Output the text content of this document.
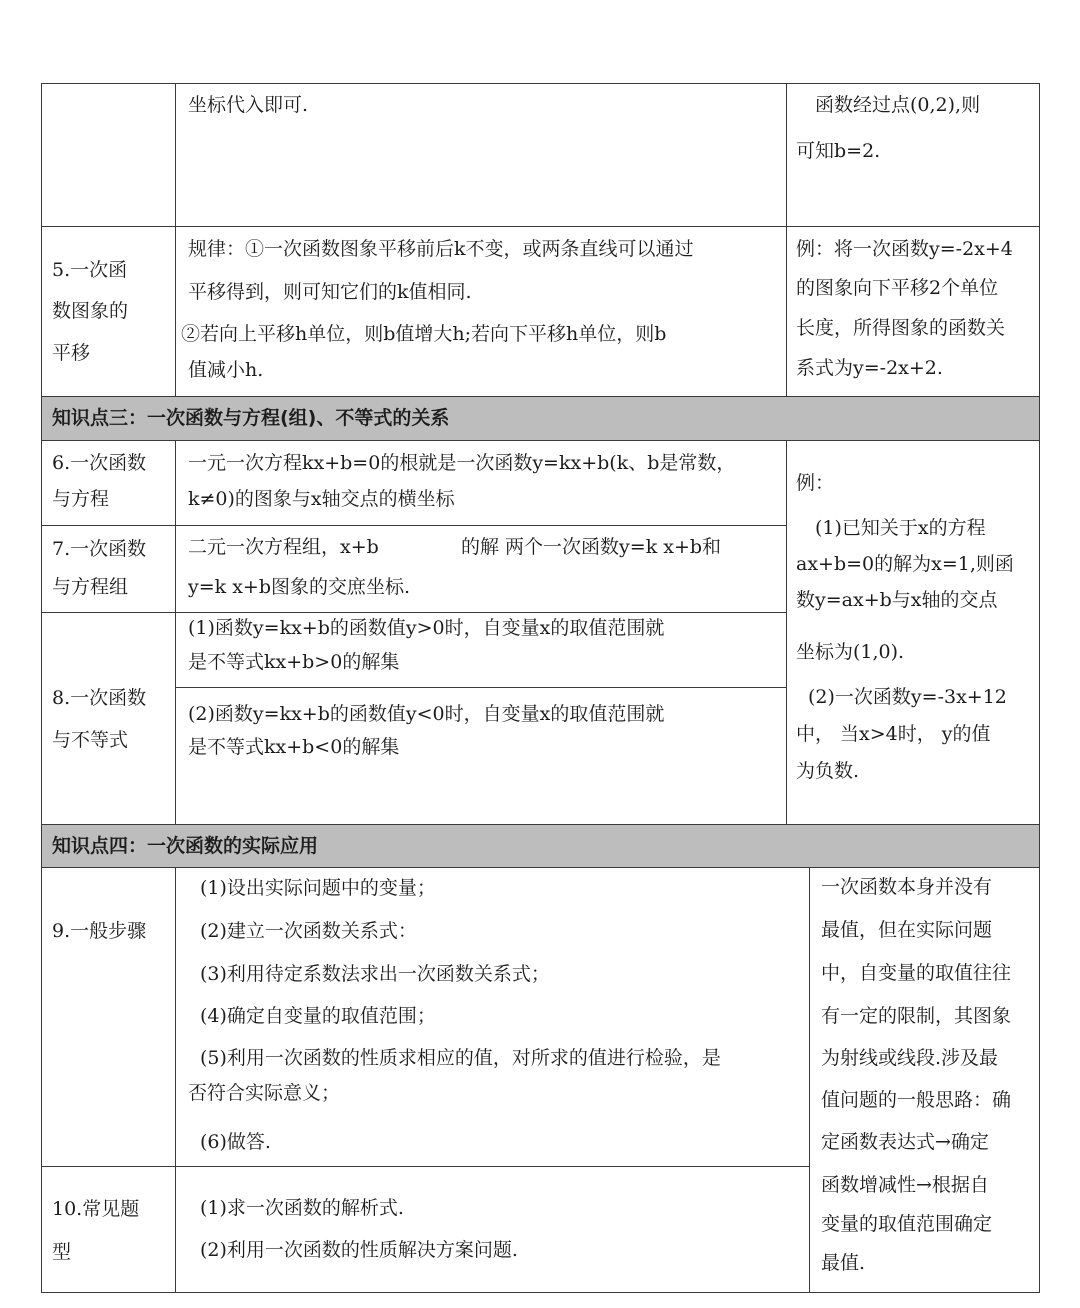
坐标代入即可.	函数经过点(0,2),则
可知b=2.
5.一次函
数图象的
平移
规律：①一次函数图象平移前后k不变，或两条直线可以通过
平移得到，则可知它们的k值相同.
②若向上平移h单位，则b值增大h;若向下平移h单位，则b
值减小h.
例：将一次函数y=-2x+4
的图象向下平移2个单位
长度，所得图象的函数关
系式为y=-2x+2.
知识点三：一次函数与方程(组)、不等式的关系
6.一次函数
与方程
一元一次方程kx+b=0的根就是一次函数y=kx+b(k、b是常数，
k≠0)的图象与x轴交点的横坐标
7.一次函数
与方程组
二元一次方程组，x+b	的解 两个一次函数y=k x+b和
y=k x+b图象的交庶坐标.
8.一次函数
与不等式
(1)函数y=kx+b的函数值y>0时，自变量x的取值范围就
是不等式kx+b>0的解集
(2)函数y=kx+b的函数值y<0时，自变量x的取值范围就
是不等式kx+b<0的解集
例：
(1)已知关于x的方程
ax+b=0的解为x=1,则函
数y=ax+b与x轴的交点
坐标为(1,0).
(2)一次函数y=-3x+12
中， 当x>4时， y的值
为负数.
知识点四：一次函数的实际应用
9.一般步骤
(1)设出实际问题中的变量；
(2)建立一次函数关系式：
(3)利用待定系数法求出一次函数关系式；
(4)确定自变量的取值范围；
(5)利用一次函数的性质求相应的值，对所求的值进行检验，是
否符合实际意义；
(6)做答.
10.常见题
型
(1)求一次函数的解析式.
(2)利用一次函数的性质解决方案问题.
一次函数本身并没有
最值，但在实际问题
中，自变量的取值往往
有一定的限制，其图象
为射线或线段.涉及最
值问题的一般思路：确
定函数表达式→确定
函数增减性→根据自
变量的取值范围确定
最值.
